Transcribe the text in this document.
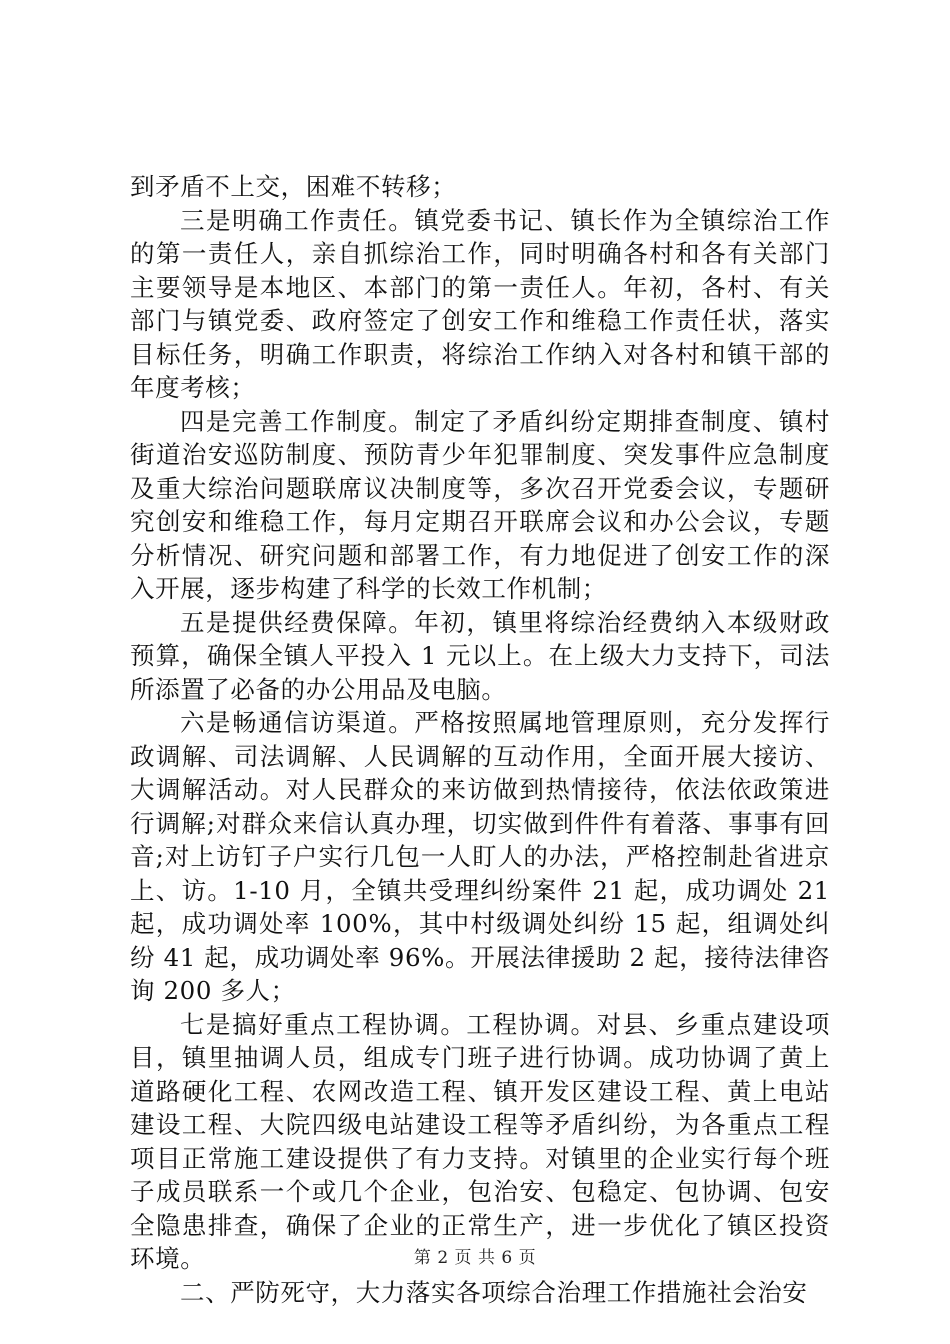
到矛盾不上交，困难不转移；

三是明确工作责任。镇党委书记、镇长作为全镇综治工作的第一责任人，亲自抓综治工作，同时明确各村和各有关部门主要领导是本地区、本部门的第一责任人。年初，各村、有关部门与镇党委、政府签定了创安工作和维稳工作责任状，落实目标任务，明确工作职责，将综治工作纳入对各村和镇干部的年度考核；

四是完善工作制度。制定了矛盾纠纷定期排查制度、镇村街道治安巡防制度、预防青少年犯罪制度、突发事件应急制度及重大综治问题联席议决制度等，多次召开党委会议，专题研究创安和维稳工作，每月定期召开联席会议和办公会议，专题分析情况、研究问题和部署工作，有力地促进了创安工作的深入开展，逐步构建了科学的长效工作机制；

五是提供经费保障。年初，镇里将综治经费纳入本级财政预算，确保全镇人平投入 1 元以上。在上级大力支持下，司法所添置了必备的办公用品及电脑。

六是畅通信访渠道。严格按照属地管理原则，充分发挥行政调解、司法调解、人民调解的互动作用，全面开展大接访、大调解活动。对人民群众的来访做到热情接待，依法依政策进行调解;对群众来信认真办理，切实做到件件有着落、事事有回音;对上访钉子户实行几包一人盯人的办法，严格控制赴省进京上、访。1-10 月，全镇共受理纠纷案件 21 起，成功调处 21 起，成功调处率 100%，其中村级调处纠纷 15 起，组调处纠纷 41 起，成功调处率 96%。开展法律援助 2 起，接待法律咨询 200 多人；

七是搞好重点工程协调。工程协调。对县、乡重点建设项目，镇里抽调人员，组成专门班子进行协调。成功协调了黄上道路硬化工程、农网改造工程、镇开发区建设工程、黄上电站建设工程、大院四级电站建设工程等矛盾纠纷，为各重点工程项目正常施工建设提供了有力支持。对镇里的企业实行每个班子成员联系一个或几个企业，包治安、包稳定、包协调、包安全隐患排查，确保了企业的正常生产，进一步优化了镇区投资环境。

二、严防死守，大力落实各项综合治理工作措施社会治安

第 2 页 共 6 页
